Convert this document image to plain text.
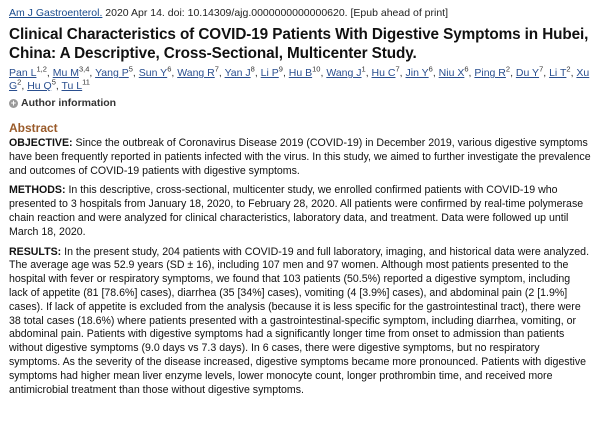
Am J Gastroenterol. 2020 Apr 14. doi: 10.14309/ajg.0000000000000620. [Epub ahead of print]
Clinical Characteristics of COVID-19 Patients With Digestive Symptoms in Hubei, China: A Descriptive, Cross-Sectional, Multicenter Study.
Pan L$^{1,2}$, Mu M$^{3,4}$, Yang P$^5$, Sun Y$^6$, Wang R$^7$, Yan J$^8$, Li P$^9$, Hu B$^{10}$, Wang J$^1$, Hu C$^7$, Jin Y$^6$, Niu X$^6$, Ping R$^2$, Du Y$^7$, Li T$^2$, Xu G$^2$, Hu Q$^5$, Tu L$^{11}$
+ Author information
Abstract

OBJECTIVE: Since the outbreak of Coronavirus Disease 2019 (COVID-19) in December 2019, various digestive symptoms have been frequently reported in patients infected with the virus. In this study, we aimed to further investigate the prevalence and outcomes of COVID-19 patients with digestive symptoms.

METHODS: In this descriptive, cross-sectional, multicenter study, we enrolled confirmed patients with COVID-19 who presented to 3 hospitals from January 18, 2020, to February 28, 2020. All patients were confirmed by real-time polymerase chain reaction and were analyzed for clinical characteristics, laboratory data, and treatment. Data were followed up until March 18, 2020.

RESULTS: In the present study, 204 patients with COVID-19 and full laboratory, imaging, and historical data were analyzed. The average age was 52.9 years (SD ± 16), including 107 men and 97 women. Although most patients presented to the hospital with fever or respiratory symptoms, we found that 103 patients (50.5%) reported a digestive symptom, including lack of appetite (81 [78.6%] cases), diarrhea (35 [34%] cases), vomiting (4 [3.9%] cases), and abdominal pain (2 [1.9%] cases). If lack of appetite is excluded from the analysis (because it is less specific for the gastrointestinal tract), there were 38 total cases (18.6%) where patients presented with a gastrointestinal-specific symptom, including diarrhea, vomiting, or abdominal pain. Patients with digestive symptoms had a significantly longer time from onset to admission than patients without digestive symptoms (9.0 days vs 7.3 days). In 6 cases, there were digestive symptoms, but no respiratory symptoms. As the severity of the disease increased, digestive symptoms became more pronounced. Patients with digestive symptoms had higher mean liver enzyme levels, lower monocyte count, longer prothrombin time, and received more antimicrobial treatment than those without digestive symptoms.
